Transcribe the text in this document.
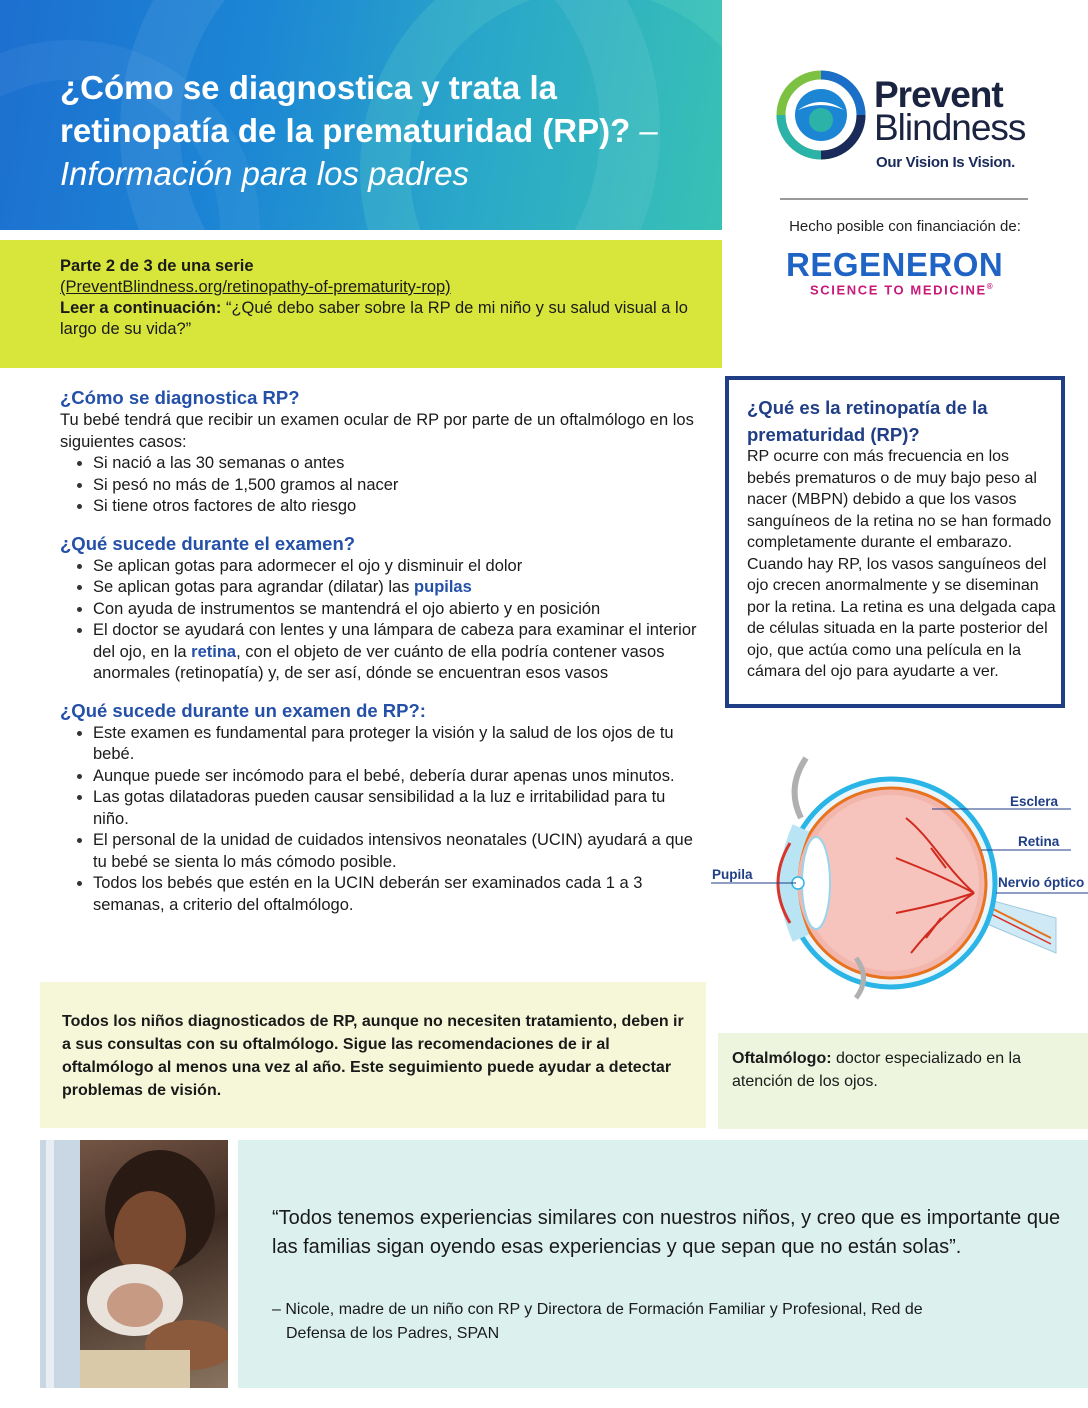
¿Cómo se diagnostica y trata la retinopatía de la prematuridad (RP)? – Información para los padres
Prevent
Blindness
Our Vision Is Vision.
Hecho posible con financiación de:
REGENERON
SCIENCE TO MEDICINE®
Parte 2 de 3 de una serie
(PreventBlindness.org/retinopathy-of-prematurity-rop)
Leer a continuación: “¿Qué debo saber sobre la RP de mi niño y su salud visual a lo largo de su vida?”
¿Cómo se diagnostica RP?

Tu bebé tendrá que recibir un examen ocular de RP por parte de un oftalmólogo en los siguientes casos:

• Si nació a las 30 semanas o antes
• Si pesó no más de 1,500 gramos al nacer
• Si tiene otros factores de alto riesgo
¿Qué sucede durante el examen?
• Se aplican gotas para adormecer el ojo y disminuir el dolor
• Se aplican gotas para agrandar (dilatar) las pupilas
• Con ayuda de instrumentos se mantendrá el ojo abierto y en posición
• El doctor se ayudará con lentes y una lámpara de cabeza para examinar el interior del ojo, en la retina, con el objeto de ver cuánto de ella podría contener vasos anormales (retinopatía) y, de ser así, dónde se encuentran esos vasos
¿Qué sucede durante un examen de RP?:
• Este examen es fundamental para proteger la visión y la salud de los ojos de tu bebé.
• Aunque puede ser incómodo para el bebé, debería durar apenas unos minutos.
• Las gotas dilatadoras pueden causar sensibilidad a la luz e irritabilidad para tu niño.
• El personal de la unidad de cuidados intensivos neonatales (UCIN) ayudará a que tu bebé se sienta lo más cómodo posible.
• Todos los bebés que estén en la UCIN deberán ser examinados cada 1 a 3 semanas, a criterio del oftalmólogo.
¿Qué es la retinopatía de la prematuridad (RP)?

RP ocurre con más frecuencia en los bebés prematuros o de muy bajo peso al nacer (MBPN) debido a que los vasos sanguíneos de la retina no se han formado completamente durante el embarazo. Cuando hay RP, los vasos sanguíneos del ojo crecen anormalmente y se diseminan por la retina. La retina es una delgada capa de células situada en la parte posterior del ojo, que actúa como una película en la cámara del ojo para ayudarte a ver.

Esclera
Retina
Nervio óptico
Pupila

Todos los niños diagnosticados de RP, aunque no necesiten tratamiento, deben ir a sus consultas con su oftalmólogo. Sigue las recomendaciones de ir al oftalmólogo al menos una vez al año. Este seguimiento puede ayudar a detectar problemas de visión.

Oftalmólogo: doctor especializado en la atención de los ojos.

“Todos tenemos experiencias similares con nuestros niños, y creo que es importante que las familias sigan oyendo esas experiencias y que sepan que no están solas”.
– Nicole, madre de un niño con RP y Directora de Formación Familiar y Profesional, Red de
Defensa de los Padres, SPAN
